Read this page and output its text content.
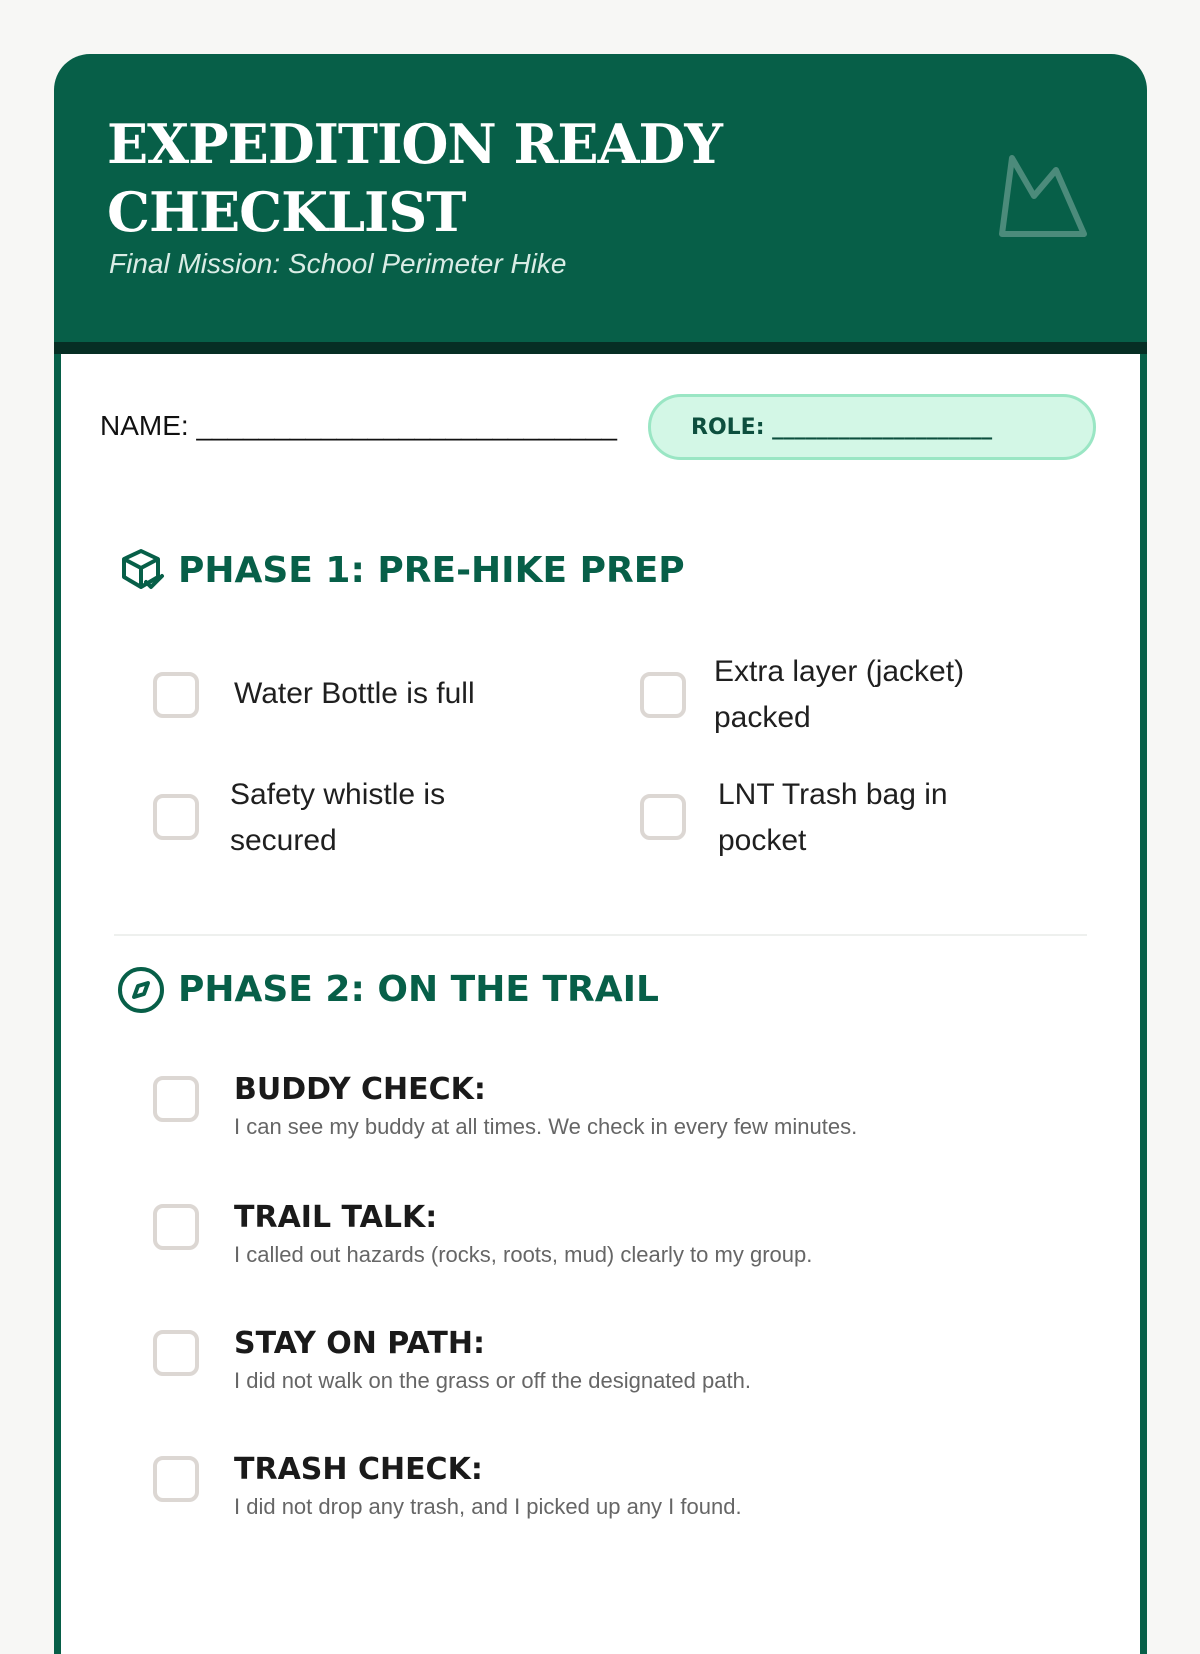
EXPEDITION READY CHECKLIST
Final Mission: School Perimeter Hike
NAME: ___________________________	ROLE: ____________________
PHASE 1: PRE-HIKE PREP
Water Bottle is full
Extra layer (jacket) packed
Safety whistle is secured
LNT Trash bag in pocket
PHASE 2: ON THE TRAIL
BUDDY CHECK:
I can see my buddy at all times. We check in every few minutes.
TRAIL TALK:
I called out hazards (rocks, roots, mud) clearly to my group.
STAY ON PATH:
I did not walk on the grass or off the designated path.
TRASH CHECK:
I did not drop any trash, and I picked up any I found.
